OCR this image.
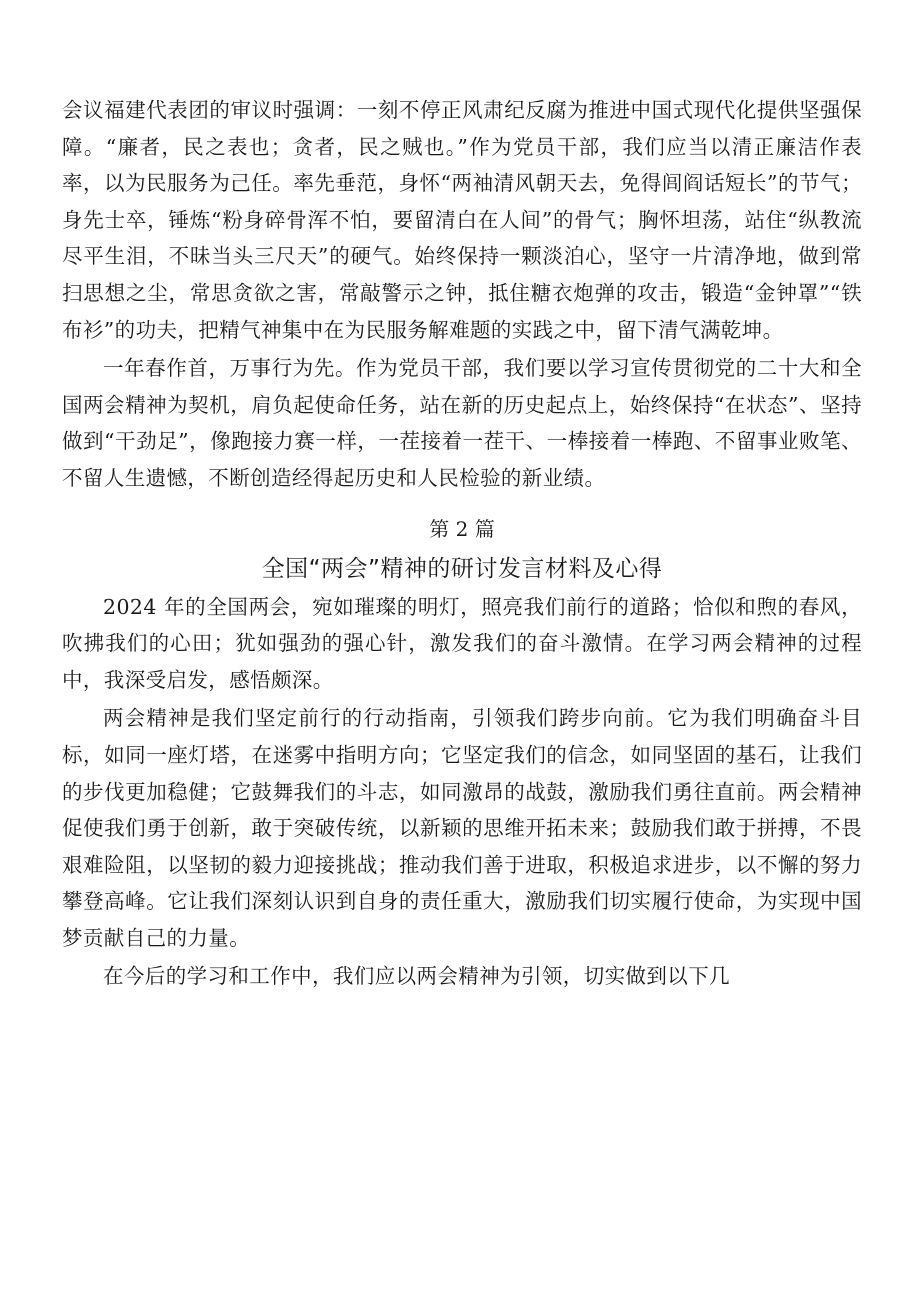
会议福建代表团的审议时强调：一刻不停正风肃纪反腐为推进中国式现代化提供坚强保障。“廉者，民之表也；贪者，民之贼也。”作为党员干部，我们应当以清正廉洁作表率，以为民服务为己任。率先垂范，身怀“两袖清风朝天去，免得闾阎话短长”的节气；身先士卒，锤炼“粉身碎骨浑不怕，要留清白在人间”的骨气；胸怀坦荡，站住“纵教流尽平生泪，不昧当头三尺天”的硬气。始终保持一颗淡泊心，坚守一片清净地，做到常扫思想之尘，常思贪欲之害，常敲警示之钟，抵住糖衣炮弹的攻击，锻造“金钟罩”“铁布衫”的功夫，把精气神集中在为民服务解难题的实践之中，留下清气满乾坤。

一年春作首，万事行为先。作为党员干部，我们要以学习宣传贯彻党的二十大和全国两会精神为契机，肩负起使命任务，站在新的历史起点上，始终保持“在状态”、坚持做到“干劲足”，像跑接力赛一样，一茬接着一茬干、一棒接着一棒跑、不留事业败笔、不留人生遗憾，不断创造经得起历史和人民检验的新业绩。

第 2 篇
全国“两会”精神的研讨发言材料及心得

2024 年的全国两会，宛如璀璨的明灯，照亮我们前行的道路；恰似和煦的春风，吹拂我们的心田；犹如强劲的强心针，激发我们的奋斗激情。在学习两会精神的过程中，我深受启发，感悟颇深。

两会精神是我们坚定前行的行动指南，引领我们跨步向前。它为我们明确奋斗目标，如同一座灯塔，在迷雾中指明方向；它坚定我们的信念，如同坚固的基石，让我们的步伐更加稳健；它鼓舞我们的斗志，如同激昂的战鼓，激励我们勇往直前。两会精神促使我们勇于创新，敢于突破传统，以新颖的思维开拓未来；鼓励我们敢于拼搏，不畏艰难险阻，以坚韧的毅力迎接挑战；推动我们善于进取，积极追求进步，以不懈的努力攀登高峰。它让我们深刻认识到自身的责任重大，激励我们切实履行使命，为实现中国梦贡献自己的力量。

在今后的学习和工作中，我们应以两会精神为引领，切实做到以下几
